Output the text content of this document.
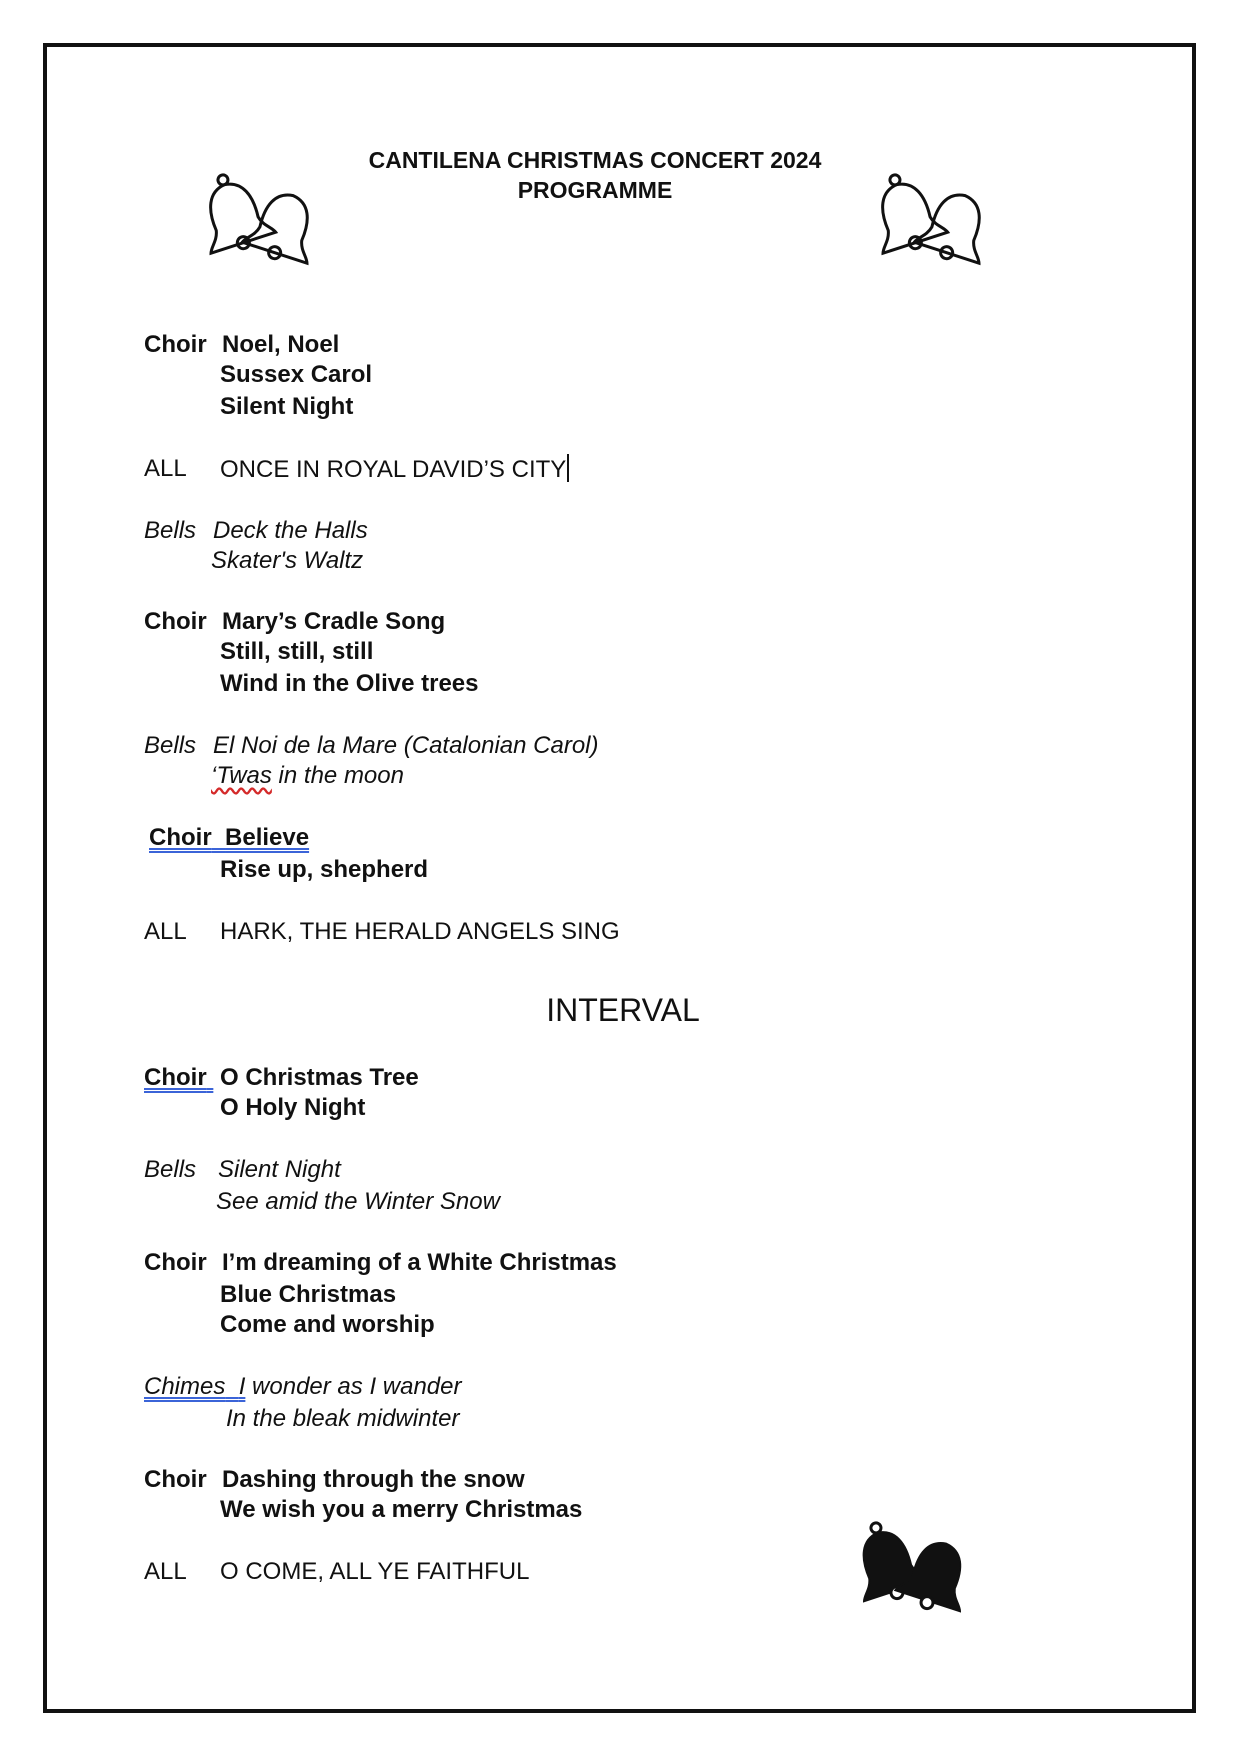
CANTILENA CHRISTMAS CONCERT 2024
PROGRAMME
Choir Noel, Noel
Sussex Carol
Silent Night
ALL ONCE IN ROYAL DAVID’S CITY
Bells Deck the Halls
Skater's Waltz
Choir Mary’s Cradle Song
Still, still, still
Wind in the Olive trees
Bells El Noi de la Mare (Catalonian Carol)
‘Twas in the moon
Choir Believe
Rise up, shepherd
ALL HARK, THE HERALD ANGELS SING
INTERVAL
Choir O Christmas Tree
O Holy Night
Bells Silent Night
See amid the Winter Snow
Choir I’m dreaming of a White Christmas
Blue Christmas
Come and worship
Chimes I wonder as I wander
In the bleak midwinter
Choir Dashing through the snow
We wish you a merry Christmas
ALL O COME, ALL YE FAITHFUL
